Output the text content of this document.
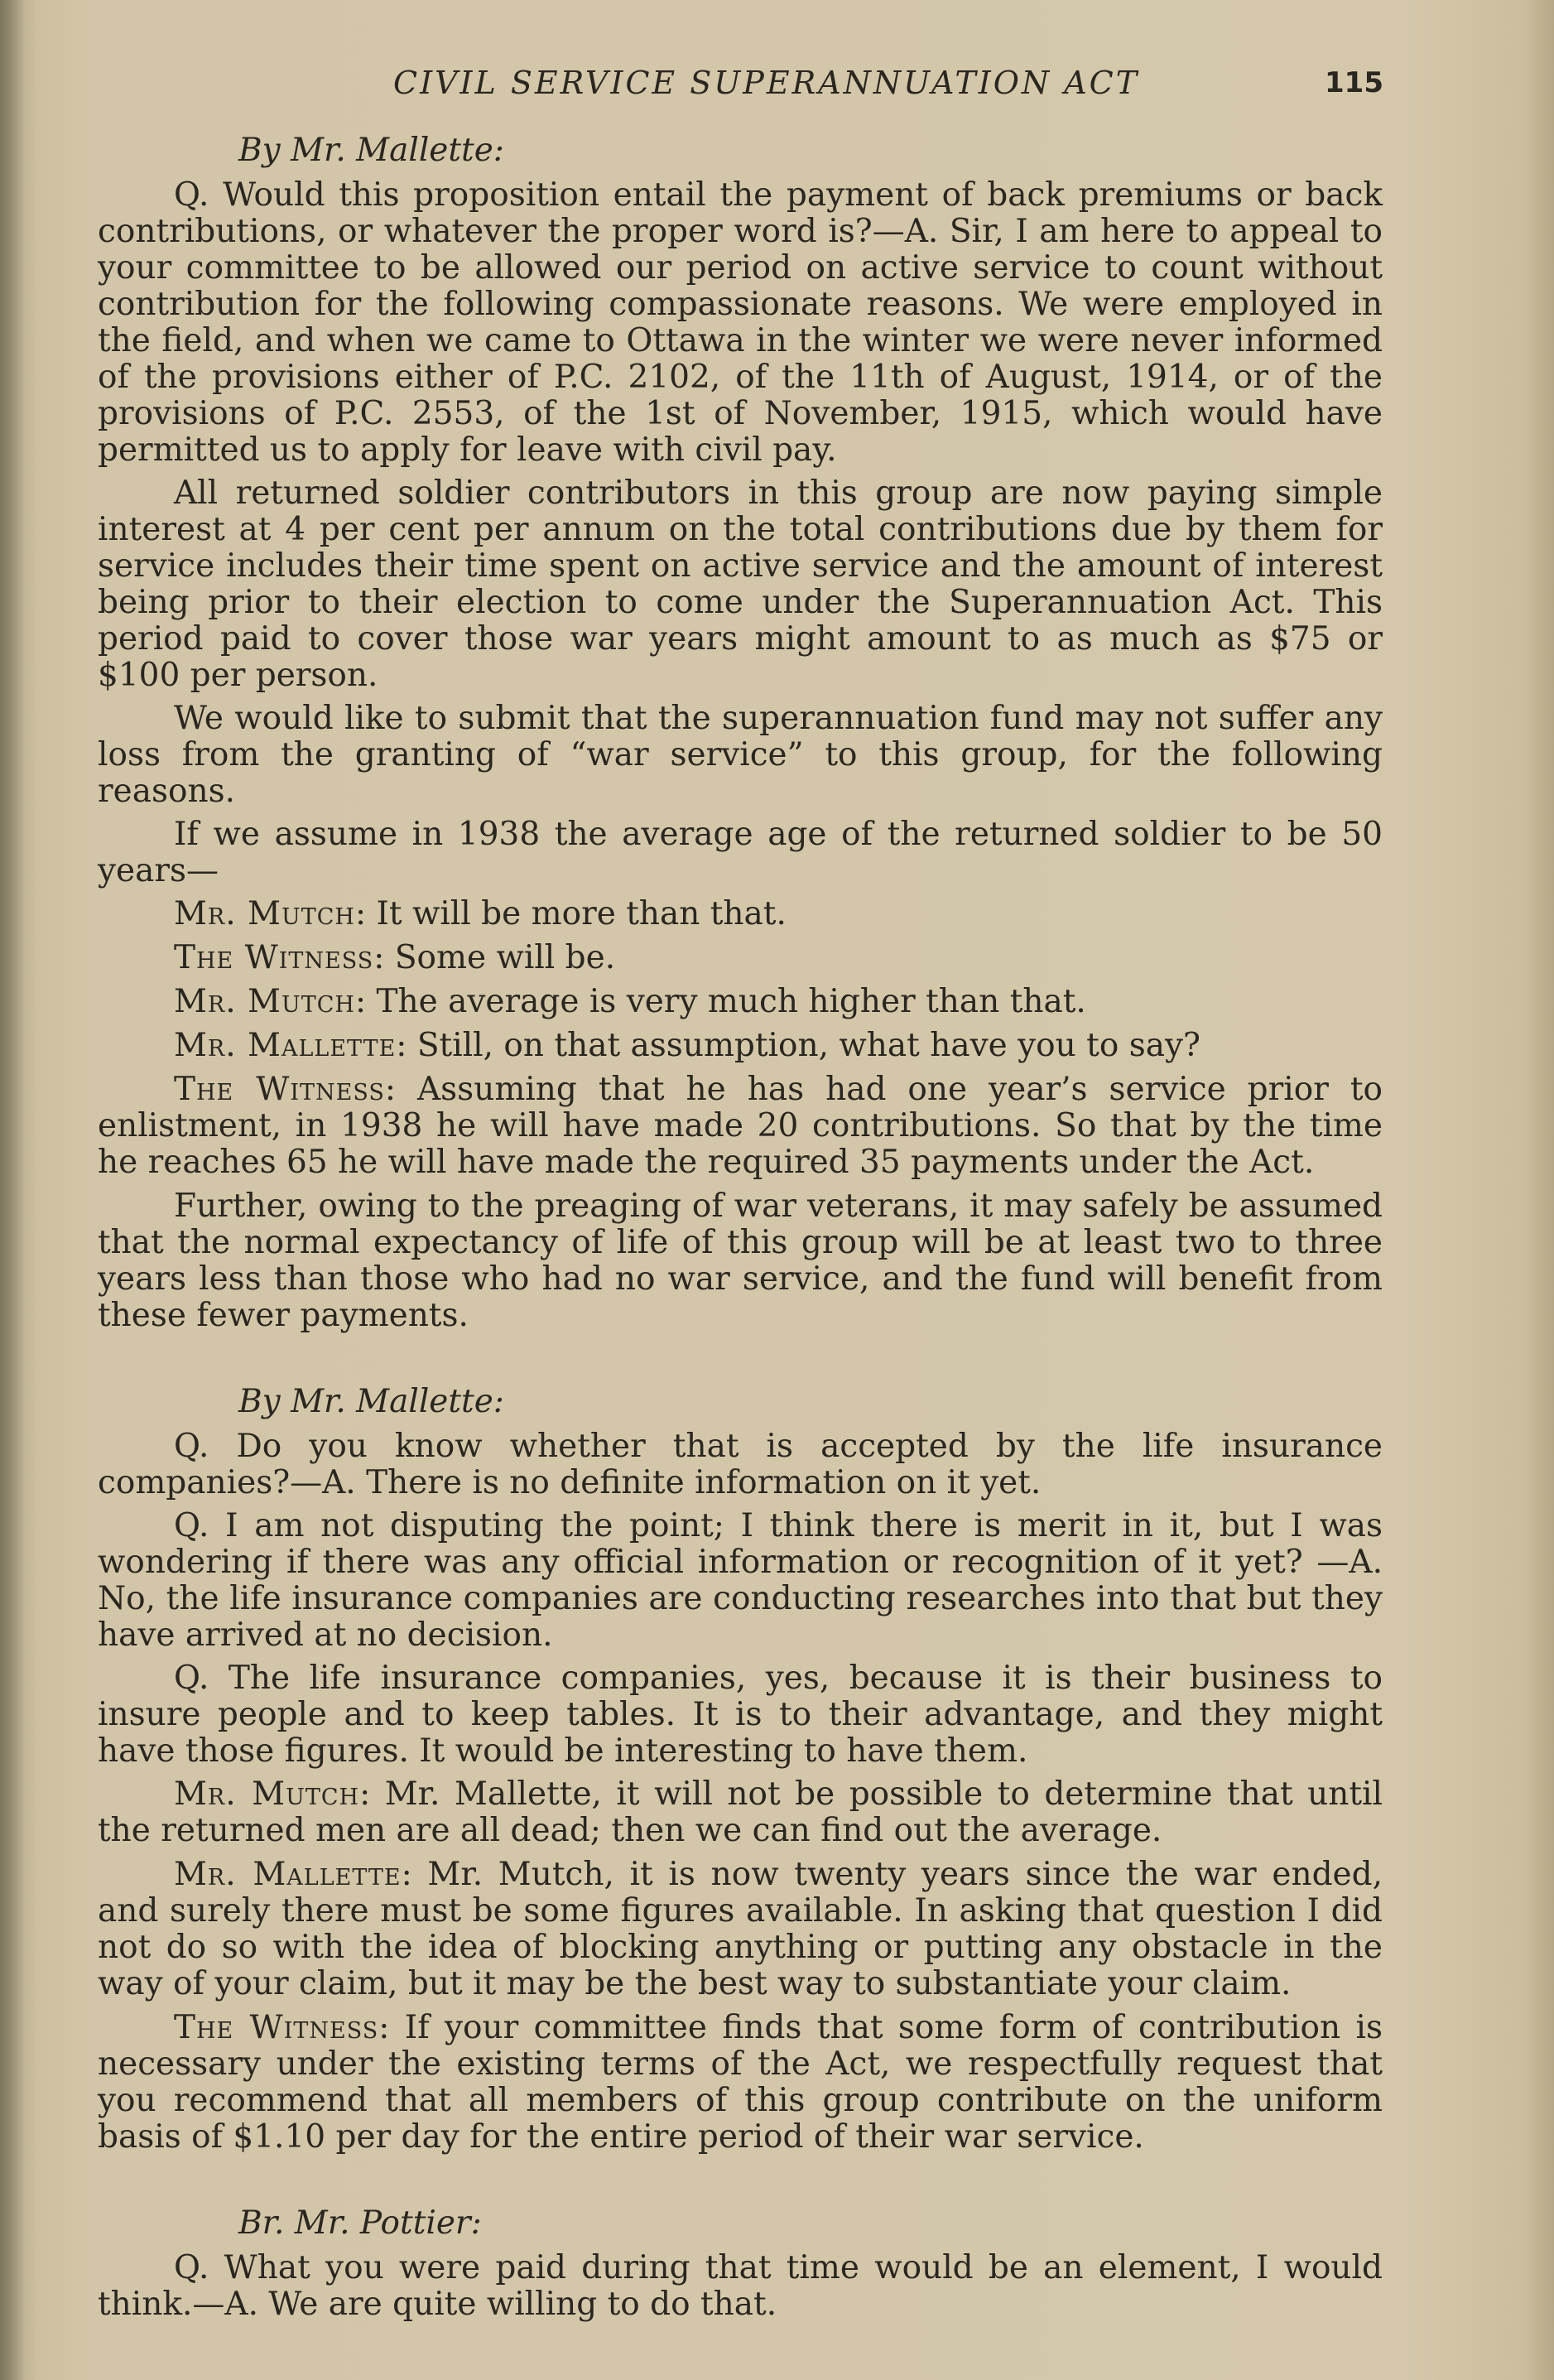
CIVIL SERVICE SUPERANNUATION ACT	115
By Mr. Mallette:

Q. Would this proposition entail the payment of back premiums or back contributions, or whatever the proper word is?—A. Sir, I am here to appeal to your committee to be allowed our period on active service to count without contribution for the following compassionate reasons. We were employed in the field, and when we came to Ottawa in the winter we were never informed of the provisions either of P.C. 2102, of the 11th of August, 1914, or of the provisions of P.C. 2553, of the 1st of November, 1915, which would have permitted us to apply for leave with civil pay.

All returned soldier contributors in this group are now paying simple interest at 4 per cent per annum on the total contributions due by them for service includes their time spent on active service and the amount of interest being prior to their election to come under the Superannuation Act. This period paid to cover those war years might amount to as much as $75 or $100 per person.

We would like to submit that the superannuation fund may not suffer any loss from the granting of “war service” to this group, for the following reasons.

If we assume in 1938 the average age of the returned soldier to be 50 years—

Mr. Mutch: It will be more than that.

The Witness: Some will be.

Mr. Mutch: The average is very much higher than that.

Mr. Mallette: Still, on that assumption, what have you to say?

The Witness: Assuming that he has had one year’s service prior to enlistment, in 1938 he will have made 20 contributions. So that by the time he reaches 65 he will have made the required 35 payments under the Act.

Further, owing to the preaging of war veterans, it may safely be assumed that the normal expectancy of life of this group will be at least two to three years less than those who had no war service, and the fund will benefit from these fewer payments.

By Mr. Mallette:

Q. Do you know whether that is accepted by the life insurance companies?—A. There is no definite information on it yet.

Q. I am not disputing the point; I think there is merit in it, but I was wondering if there was any official information or recognition of it yet? —A. No, the life insurance companies are conducting researches into that but they have arrived at no decision.

Q. The life insurance companies, yes, because it is their business to insure people and to keep tables. It is to their advantage, and they might have those figures. It would be interesting to have them.

Mr. Mutch: Mr. Mallette, it will not be possible to determine that until the returned men are all dead; then we can find out the average.

Mr. Mallette: Mr. Mutch, it is now twenty years since the war ended, and surely there must be some figures available. In asking that question I did not do so with the idea of blocking anything or putting any obstacle in the way of your claim, but it may be the best way to substantiate your claim.

The Witness: If your committee finds that some form of contribution is necessary under the existing terms of the Act, we respectfully request that you recommend that all members of this group contribute on the uniform basis of $1.10 per day for the entire period of their war service.

Br. Mr. Pottier:

Q. What you were paid during that time would be an element, I would think.—A. We are quite willing to do that.
